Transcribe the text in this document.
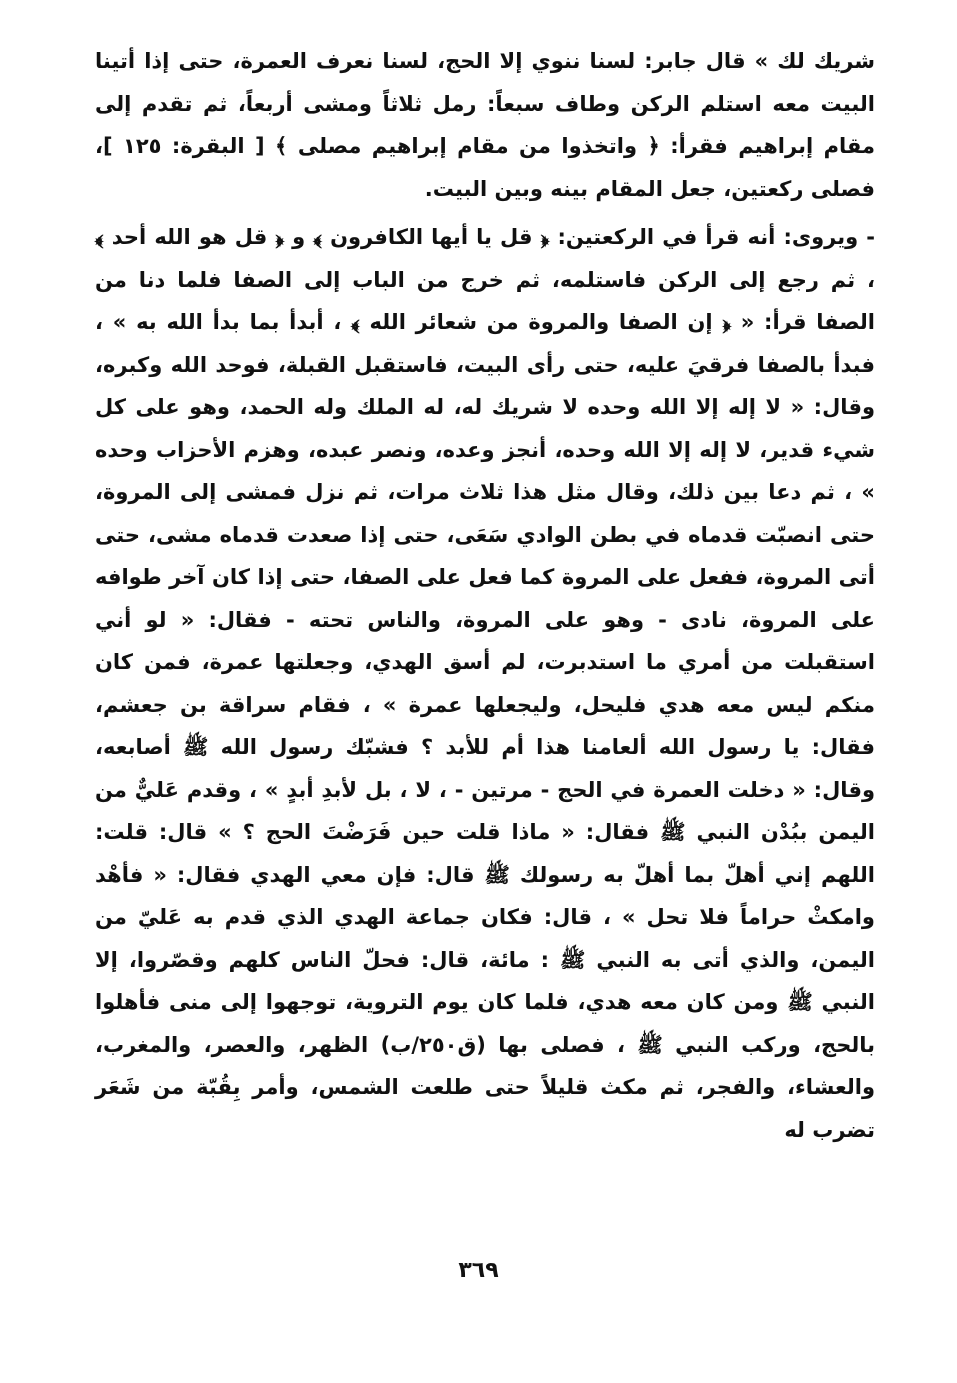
شريك لك » قال جابر: لسنا ننوي إلا الحج، لسنا نعرف العمرة، حتى إذا أتينا البيت معه استلم الركن وطاف سبعاً: رمل ثلاثاً ومشى أربعاً، ثم تقدم إلى مقام إبراهيم فقرأ: ﴿ واتخذوا من مقام إبراهيم مصلى ﴾ [ البقرة: ١٢٥ ]، فصلى ركعتين، جعل المقام بينه وبين البيت.

- ويروى: أنه قرأ في الركعتين: ﴿ قل يا أيها الكافرون ﴾ و ﴿ قل هو الله أحد ﴾ ، ثم رجع إلى الركن فاستلمه، ثم خرج من الباب إلى الصفا فلما دنا من الصفا قرأ: « ﴿ إن الصفا والمروة من شعائر الله ﴾ ، أبدأ بما بدأ الله به » ، فبدأ بالصفا فرقيَ عليه، حتى رأى البيت، فاستقبل القبلة، فوحد الله وكبره، وقال: « لا إله إلا الله وحده لا شريك له، له الملك وله الحمد، وهو على كل شيء قدير، لا إله إلا الله وحده، أنجز وعده، ونصر عبده، وهزم الأحزاب وحده » ، ثم دعا بين ذلك، وقال مثل هذا ثلاث مرات، ثم نزل فمشى إلى المروة، حتى انصبّت قدماه في بطن الوادي سَعَى، حتى إذا صعدت قدماه مشى، حتى أتى المروة، ففعل على المروة كما فعل على الصفا، حتى إذا كان آخر طوافه على المروة، نادى - وهو على المروة، والناس تحته - فقال: « لو أني استقبلت من أمري ما استدبرت، لم أسق الهدي، وجعلتها عمرة، فمن كان منكم ليس معه هدي فليحل، وليجعلها عمرة » ، فقام سراقة بن جعشم، فقال: يا رسول الله ألعامنا هذا أم للأبد ؟ فشبّك رسول الله ﷺ أصابعه، وقال: « دخلت العمرة في الحج - مرتين - ، لا ، بل لأبدِ أبدٍ » ، وقدم عَليٌّ من اليمن ببُدْن النبي ﷺ فقال: « ماذا قلت حين فَرَضْتَ الحج ؟ » قال: قلت: اللهم إني أهلّ بما أهلّ به رسولك ﷺ قال: فإن معي الهدي فقال: « فأهْد وامكثْ حراماً فلا تحل » ، قال: فكان جماعة الهدي الذي قدم به عَليّ من اليمن، والذي أتى به النبي ﷺ : مائة، قال: فحلّ الناس كلهم وقصّروا، إلا النبي ﷺ ومن كان معه هدي، فلما كان يوم التروية، توجهوا إلى منى فأهلوا بالحج، وركب النبي ﷺ ، فصلى بها (ق٢٥٠/ب) الظهر، والعصر، والمغرب، والعشاء، والفجر، ثم مكث قليلاً حتى طلعت الشمس، وأمر بِقُبّة من شَعَر تضرب له

٣٦٩
